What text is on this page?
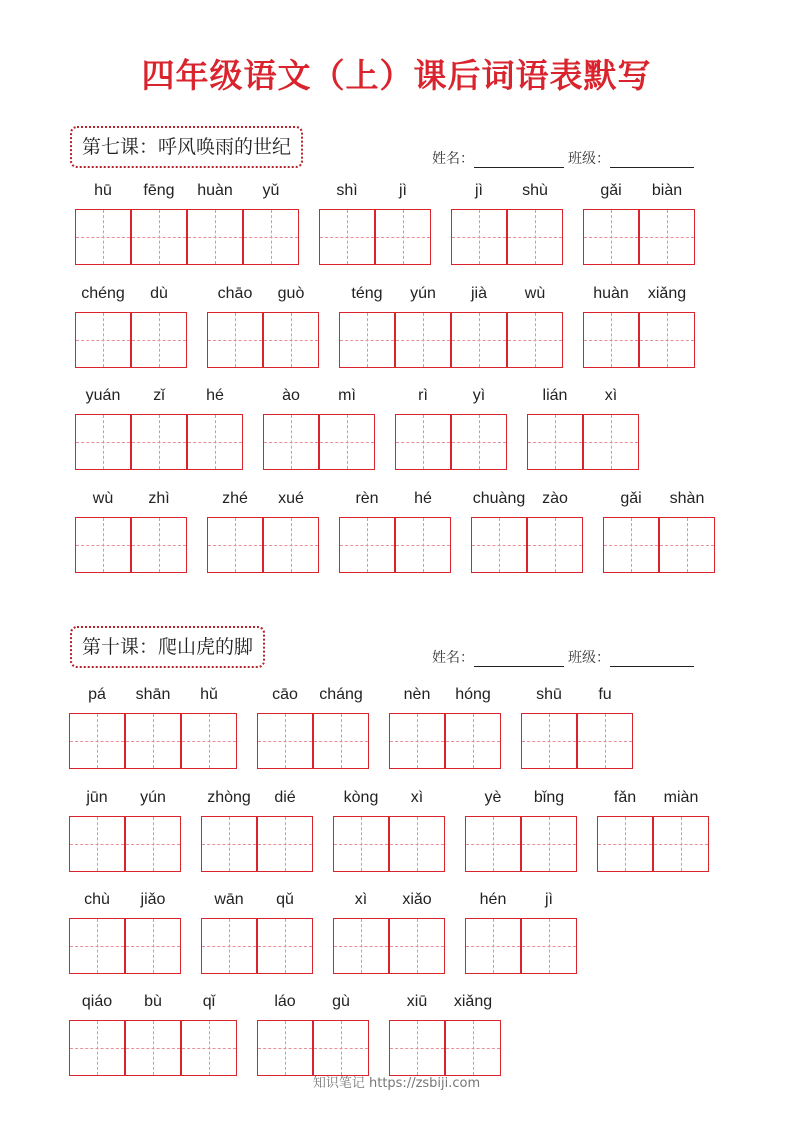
四年级语文（上）课后词语表默写
第七课：呼风唤雨的世纪
姓名：	班级：
hū	fēng	huàn	yǔ	shì	jì	jì	shù	gǎi	biàn
chéng	dù	chāo	guò	téng	yún	jià	wù	huàn	xiǎng
yuán	zǐ	hé	ào	mì	rì	yì	lián	xì
wù	zhì	zhé	xué	rèn	hé	chuàng	zào	gǎi	shàn
第十课：爬山虎的脚	姓名：	班级：
pá	shān	hǔ	cāo	cháng	nèn	hóng	shū	fu
jūn	yún	zhòng	dié	kòng	xì	yè	bǐng	fǎn	miàn
chù	jiǎo	wān	qǔ	xì	xiǎo	hén	jì
qiáo	bù	qǐ	láo	gù	xiū	xiǎng
知识笔记 https://zsbiji.com
